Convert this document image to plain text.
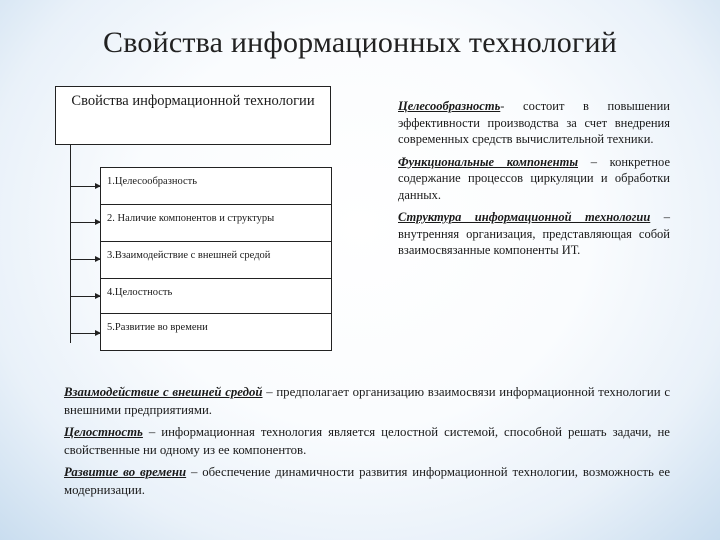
Свойства информационных технологий
Свойства информационной технологии
1.Целесообразность
2. Наличие компонентов и структуры
3.Взаимодействие с внешней средой
4.Целостность
5.Развитие во времени

Целесообразность- состоит в повышении эффективности производства за счет внедрения современных средств вычислительной техники.

Функциональные компоненты – конкретное содержание процессов циркуляции и обработки данных.

Структура информационной технологии – внутренняя организация, представляющая собой взаимосвязанные компоненты ИТ.

Взаимодействие с внешней средой – предполагает организацию взаимосвязи информационной технологии с внешними предприятиями.

Целостность – информационная технология является целостной системой, способной решать задачи, не свойственные ни одному из ее компонентов.

Развитие во времени – обеспечение динамичности развития информационной технологии, возможность ее модернизации.
